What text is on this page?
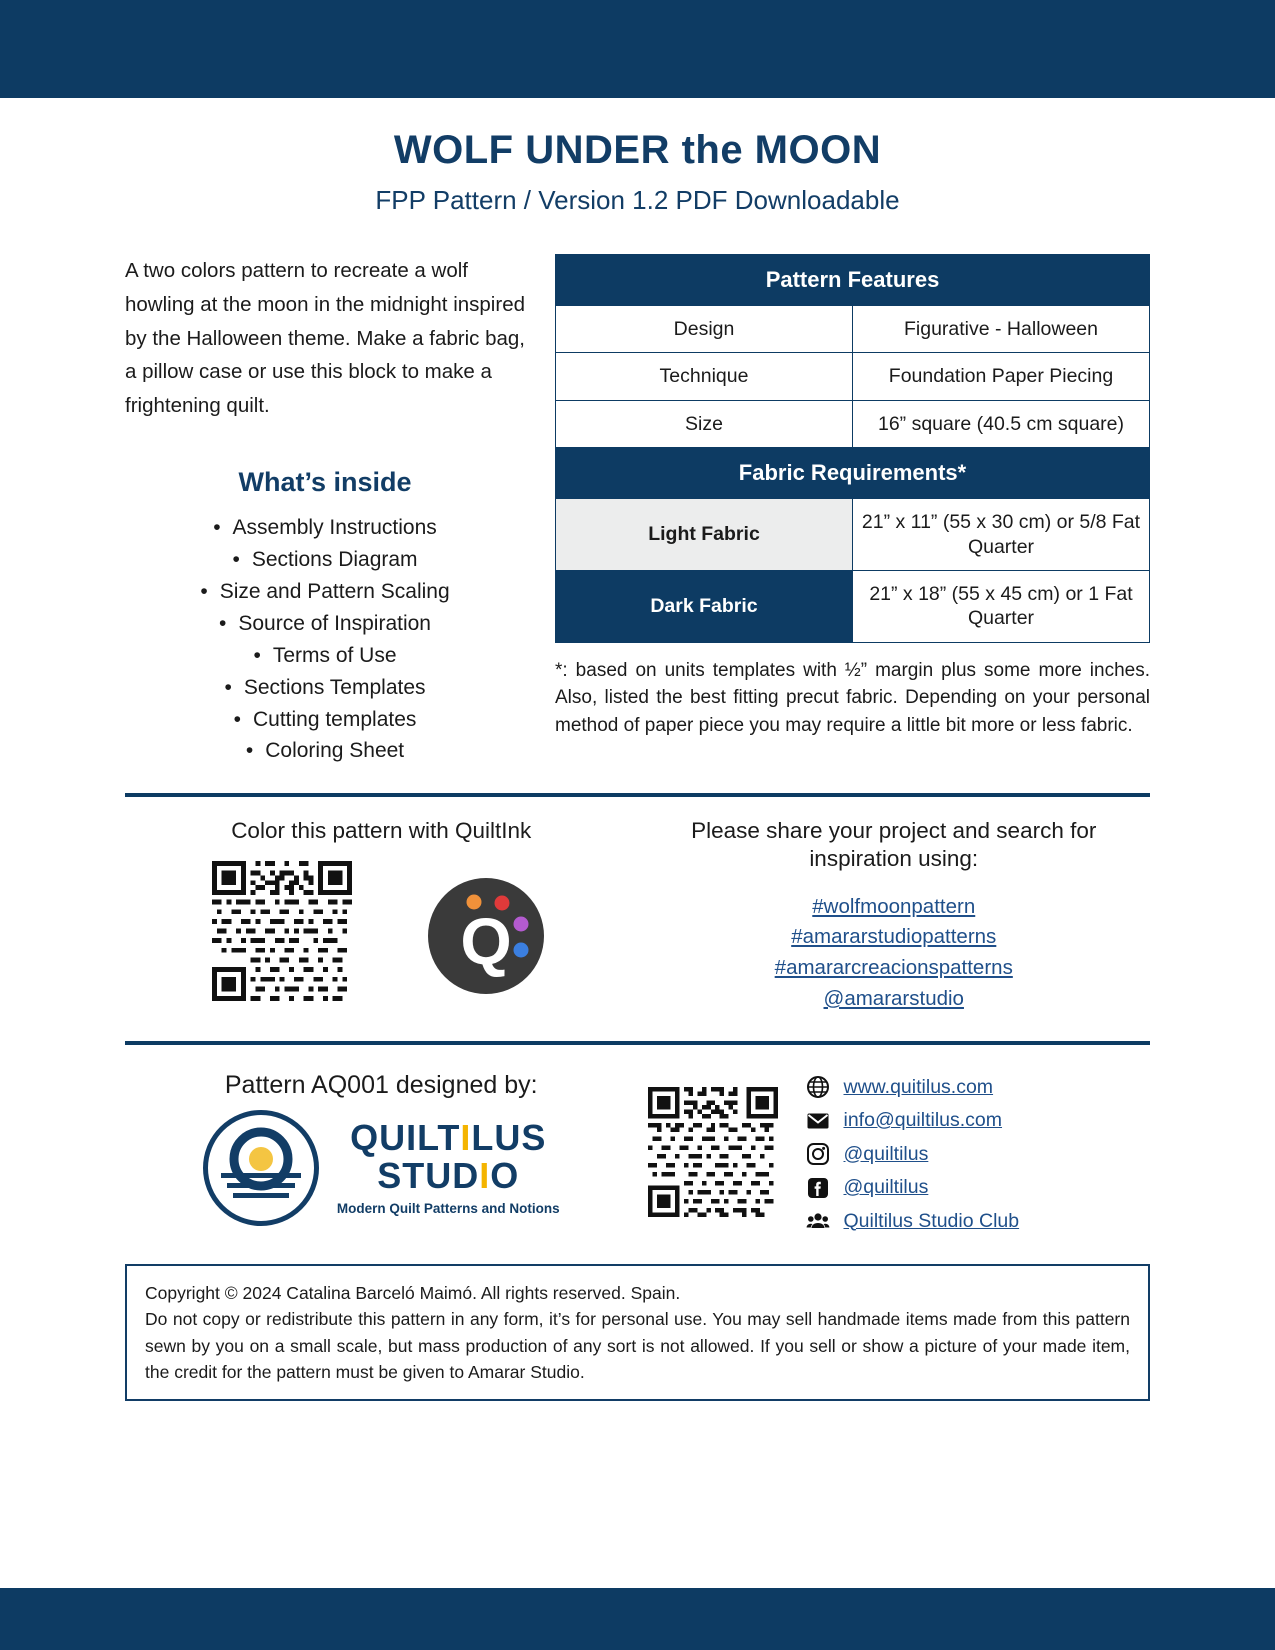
WOLF UNDER the MOON
FPP Pattern / Version 1.2 PDF Downloadable
A two colors pattern to recreate a wolf howling at the moon in the midnight inspired by the Halloween theme. Make a fabric bag, a pillow case or use this block to make a frightening quilt.
What’s inside
• Assembly Instructions
• Sections Diagram
• Size and Pattern Scaling
• Source of Inspiration
• Terms of Use
• Sections Templates
• Cutting templates
• Coloring Sheet
Pattern Features	
Design	Figurative - Halloween
Technique	Foundation Paper Piecing
Size	16” square (40.5 cm square)
Fabric Requirements*	
Light Fabric	21” x 11” (55 x 30 cm) or 5/8 Fat Quarter
Dark Fabric	21” x 18” (55 x 45 cm) or 1 Fat Quarter
*: based on units templates with ½” margin plus some more inches. Also, listed the best fitting precut fabric. Depending on your personal method of paper piece you may require a little bit more or less fabric.
Color this pattern with QuiltInk
Q
Please share your project and search for inspiration using:
#wolfmoonpattern
#amararstudiopatterns
#amararcreacionspatterns
@amararstudio
Pattern AQ001 designed by:
QUILTILUS
STUDIO
Modern Quilt Patterns and Notions
www.quitilus.com
info@quiltilus.com
@quiltilus
@quiltilus
Quiltilus Studio Club
Copyright © 2024 Catalina Barceló Maimó. All rights reserved. Spain.
Do not copy or redistribute this pattern in any form, it’s for personal use. You may sell handmade items made from this pattern sewn by you on a small scale, but mass production of any sort is not allowed. If you sell or show a picture of your made item, the credit for the pattern must be given to Amarar Studio.
